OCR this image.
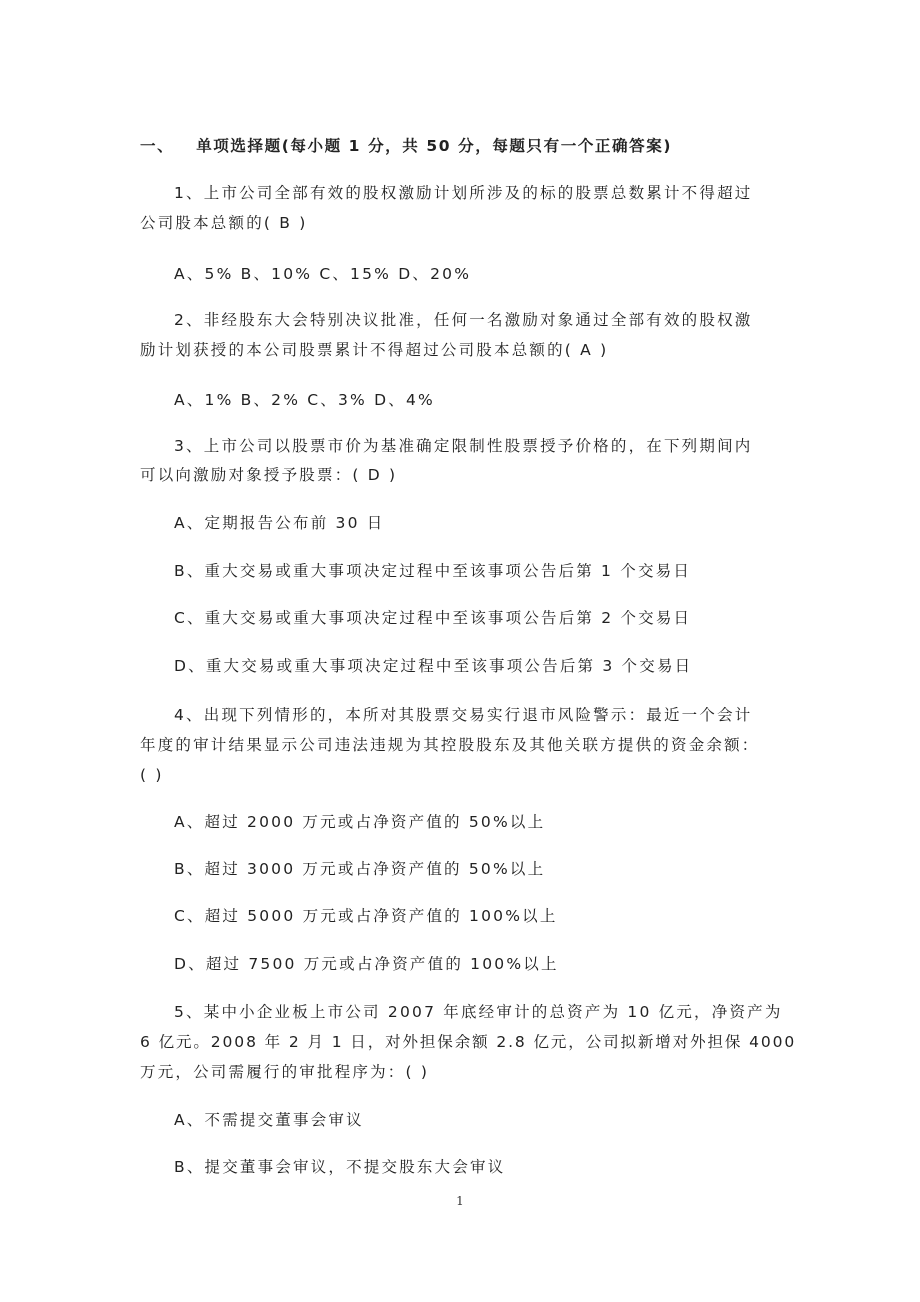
一、 单项选择题(每小题 1 分，共 50 分，每题只有一个正确答案)
1、上市公司全部有效的股权激励计划所涉及的标的股票总数累计不得超过
公司股本总额的( B )
A、5% B、10% C、15% D、20%
2、非经股东大会特别决议批准，任何一名激励对象通过全部有效的股权激
励计划获授的本公司股票累计不得超过公司股本总额的( A )
A、1% B、2% C、3% D、4%
3、上市公司以股票市价为基准确定限制性股票授予价格的，在下列期间内
可以向激励对象授予股票：( D )
A、定期报告公布前 30 日
B、重大交易或重大事项决定过程中至该事项公告后第 1 个交易日
C、重大交易或重大事项决定过程中至该事项公告后第 2 个交易日
D、重大交易或重大事项决定过程中至该事项公告后第 3 个交易日
4、出现下列情形的，本所对其股票交易实行退市风险警示：最近一个会计
年度的审计结果显示公司违法违规为其控股股东及其他关联方提供的资金余额：
( )
A、超过 2000 万元或占净资产值的 50%以上
B、超过 3000 万元或占净资产值的 50%以上
C、超过 5000 万元或占净资产值的 100%以上
D、超过 7500 万元或占净资产值的 100%以上
5、某中小企业板上市公司 2007 年底经审计的总资产为 10 亿元，净资产为
6 亿元。2008 年 2 月 1 日，对外担保余额 2.8 亿元，公司拟新增对外担保 4000
万元，公司需履行的审批程序为：( )
A、不需提交董事会审议
B、提交董事会审议，不提交股东大会审议
1
